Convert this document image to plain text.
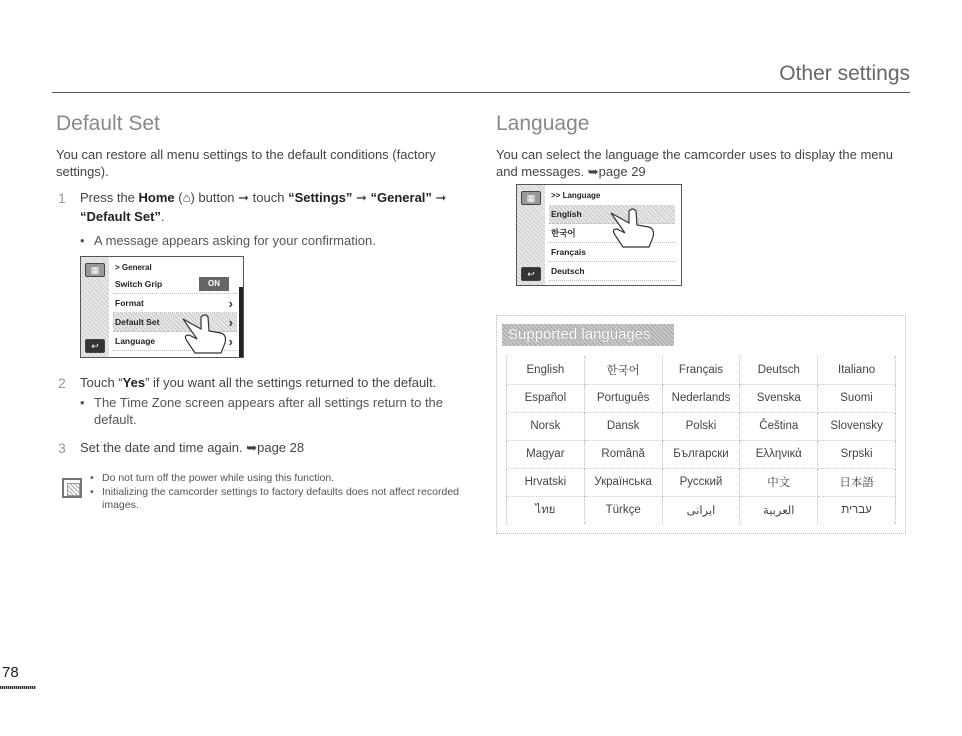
Other settings
Default Set
You can restore all menu settings to the default conditions (factory settings).
1 Press the Home (⌂) button ➞ touch “Settings” ➞ “General” ➞ “Default Set”.
• A message appears asking for your confirmation.
▦
↩
> General
Switch Grip	ON
Format	›
Default Set	›
Language	›
2 Touch “Yes” if you want all the settings returned to the default.
• The Time Zone screen appears after all settings return to the default.
3 Set the date and time again. ➥page 28
• Do not turn off the power while using this function.
• Initializing the camcorder settings to factory defaults does not affect recorded images.
Language
You can select the language the camcorder uses to display the menu and messages. ➥page 29
▦
↩
>> Language
English
한국어
Français
Deutsch
Supported languages
English	한국어	Français	Deutsch	Italiano
Español	Português	Nederlands	Svenska	Suomi
Norsk	Dansk	Polski	Čeština	Slovensky
Magyar	Română	Български	Ελληνικά	Srpski
Hrvatski	Українська	Русский	中文	日本語
ไทย	Türkçe	ایرانی	العربية	עברית
78
